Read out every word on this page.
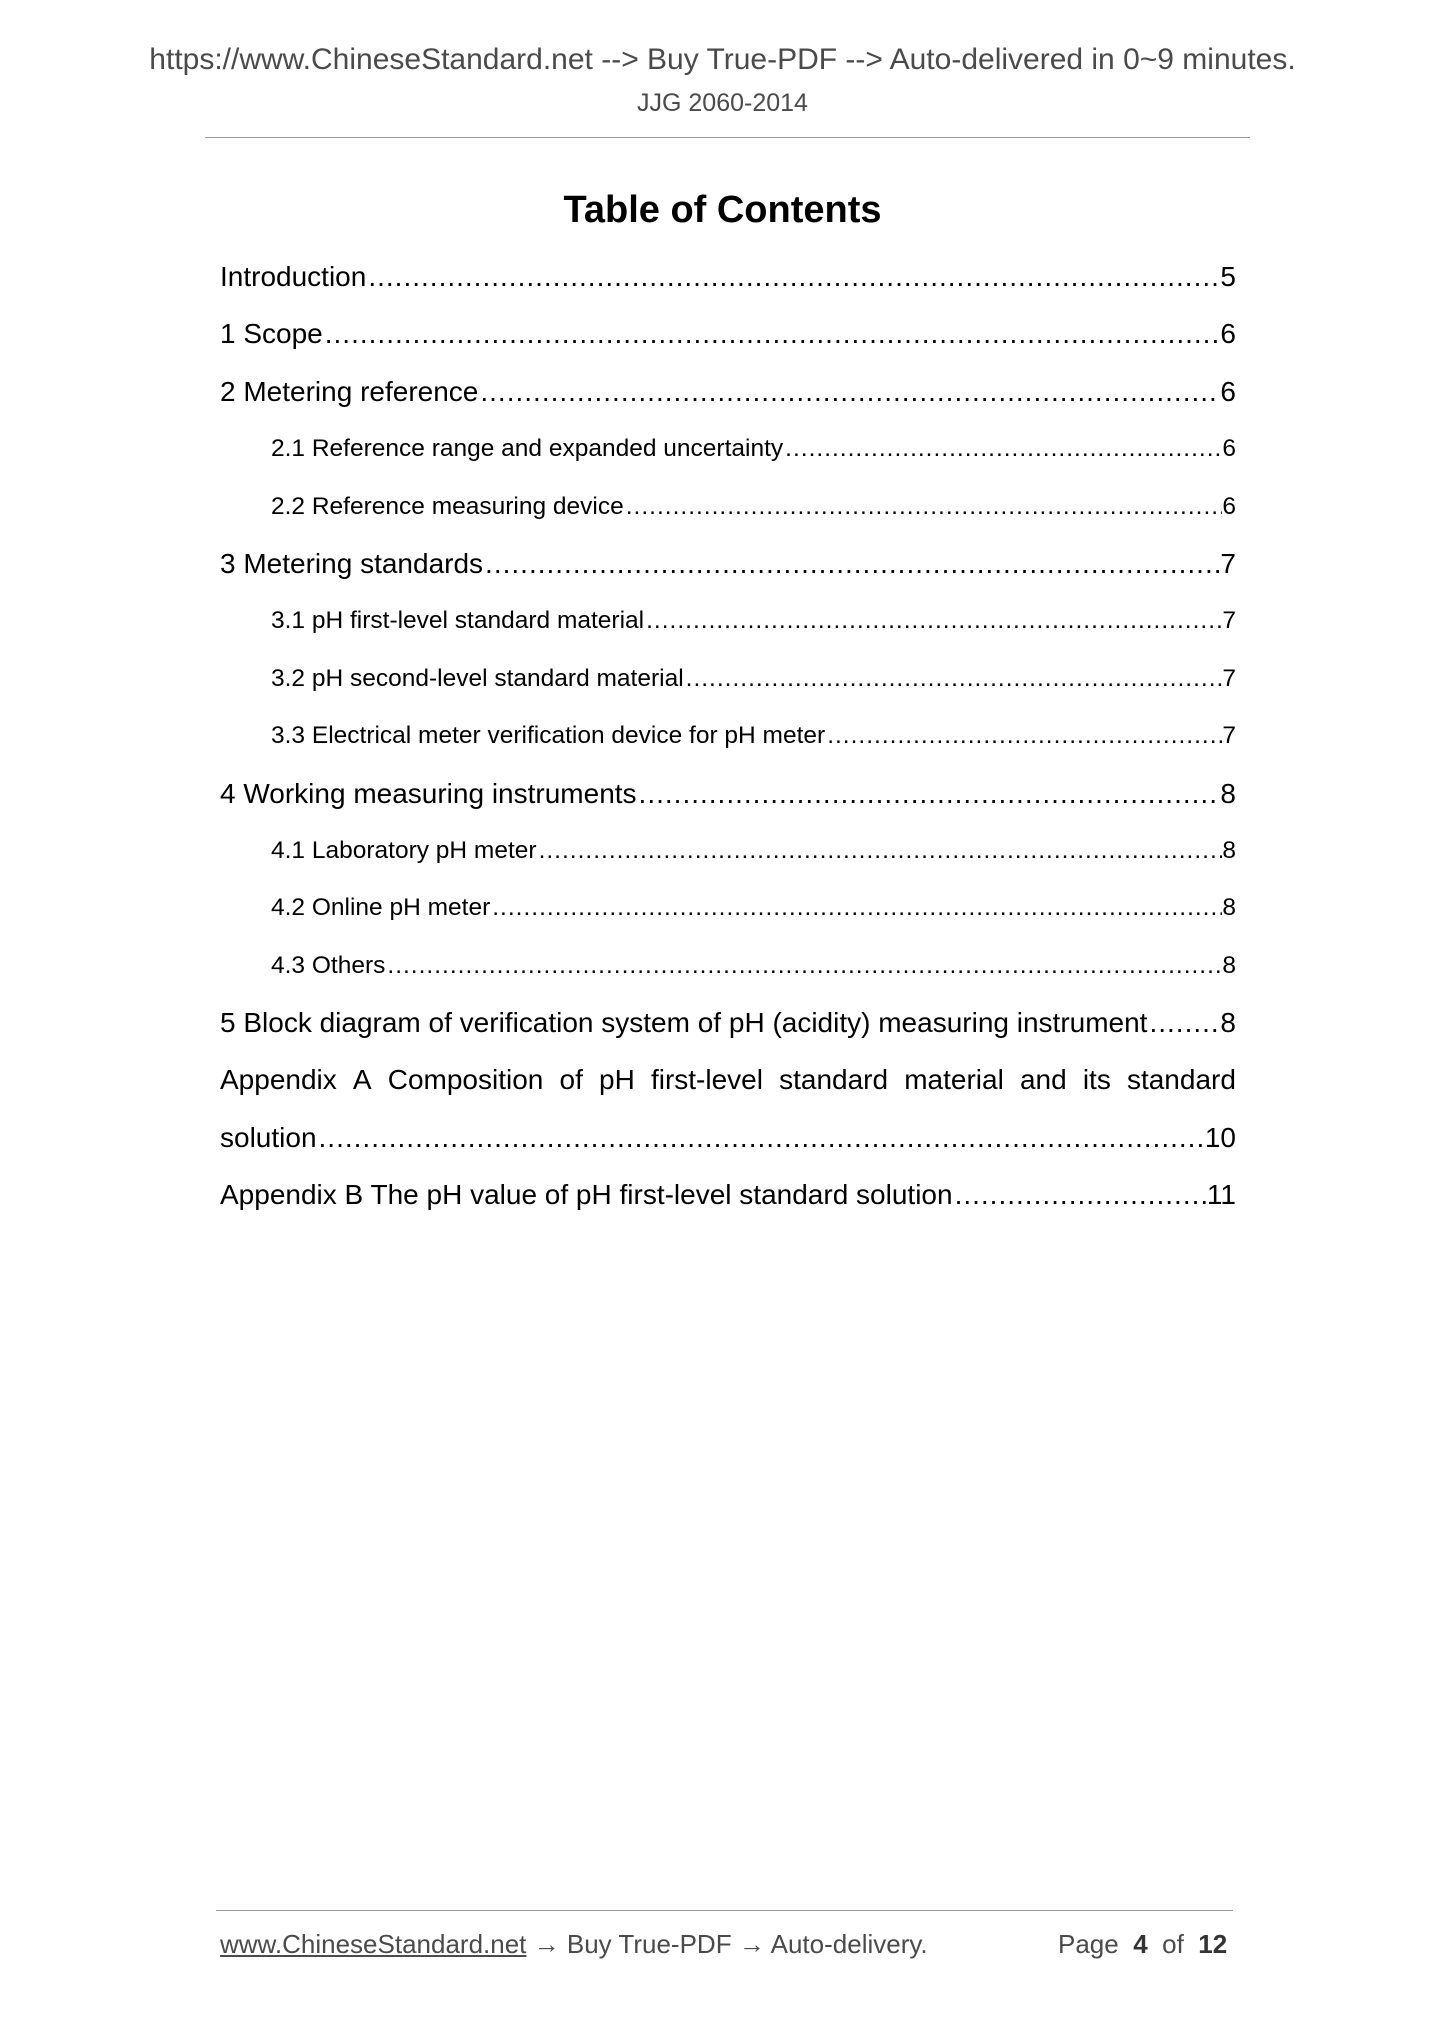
https://www.ChineseStandard.net --> Buy True-PDF --> Auto-delivered in 0~9 minutes.
JJG 2060-2014
Table of Contents
Introduction .....	5
1 Scope .....	6
2 Metering reference .....	6
2.1 Reference range and expanded uncertainty .....	6
2.2 Reference measuring device .....	6
3 Metering standards .....	7
3.1 pH first-level standard material .....	7
3.2 pH second-level standard material .....	7
3.3 Electrical meter verification device for pH meter .....	7
4 Working measuring instruments .....	8
4.1 Laboratory pH meter .....	8
4.2 Online pH meter .....	8
4.3 Others .....	8
5 Block diagram of verification system of pH (acidity) measuring instrument .....	8
Appendix A Composition of pH first-level standard material and its standard
solution .....	10
Appendix B The pH value of pH first-level standard solution .....	11
www.ChineseStandard.net → Buy True-PDF → Auto-delivery.	Page 4 of 12
